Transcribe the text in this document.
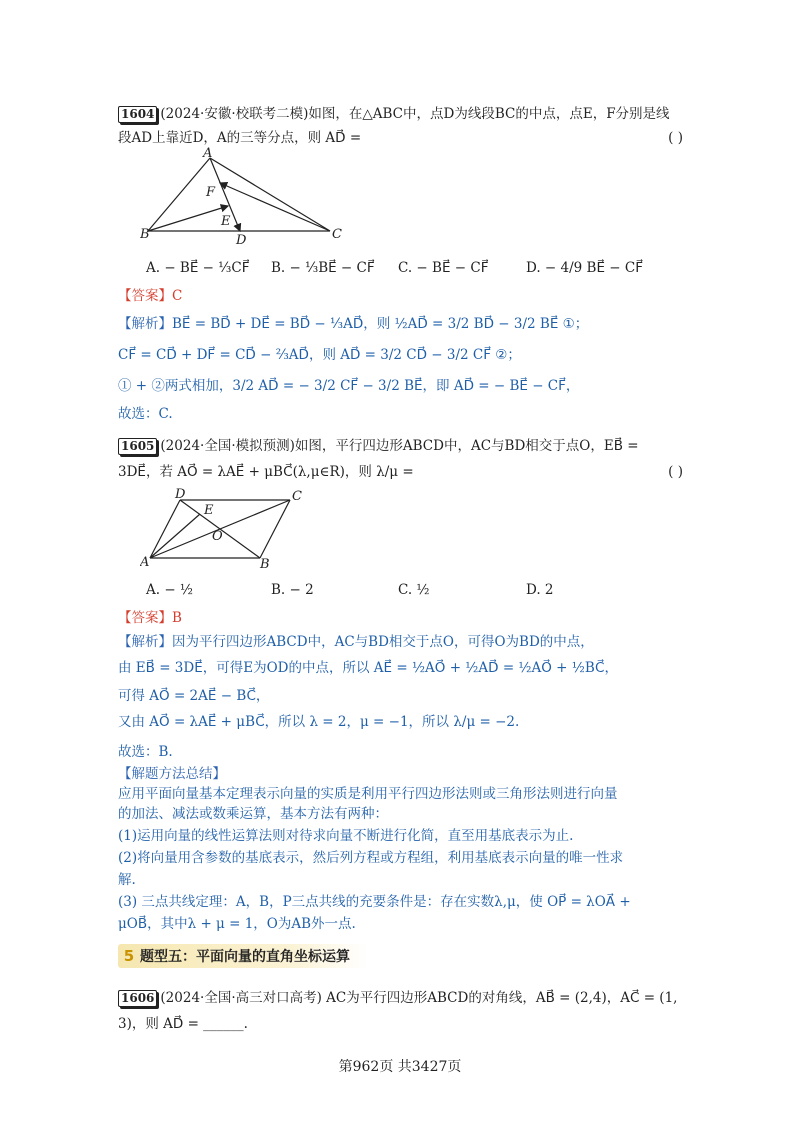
1604 (2024·安徽·校联考二模)如图，在△ABC中，点D为线段BC的中点，点E，F分别是线
段AD上靠近D，A的三等分点，则 AD⃗ =	( )
A
B	C
D
E
F
A. − BE⃗ − ⅓CF⃗ B. − ⅓BE⃗ − CF⃗ C. − BE⃗ − CF⃗	D. − 4/9 BE⃗ − CF⃗
【答案】C
【解析】BE⃗ = BD⃗ + DE⃗ = BD⃗ − ⅓AD⃗，则 ½AD⃗ = 3/2 BD⃗ − 3/2 BE⃗ ①；
CF⃗ = CD⃗ + DF⃗ = CD⃗ − ⅔AD⃗，则 AD⃗ = 3/2 CD⃗ − 3/2 CF⃗ ②；
① + ②两式相加，3/2 AD⃗ = − 3/2 CF⃗ − 3/2 BE⃗，即 AD⃗ = − BE⃗ − CF⃗，
故选：C.
1605 (2024·全国·模拟预测)如图，平行四边形ABCD中，AC与BD相交于点O，EB⃗ =
3DE⃗，若 AO⃗ = λAE⃗ + μBC⃗(λ,μ∈R)，则 λ/μ =	( )
A	B
C
D
E
O
A. − ½	B. − 2	C. ½	D. 2
【答案】B
【解析】因为平行四边形ABCD中，AC与BD相交于点O，可得O为BD的中点，
由 EB⃗ = 3DE⃗，可得E为OD的中点，所以 AE⃗ = ½AO⃗ + ½AD⃗ = ½AO⃗ + ½BC⃗，
可得 AO⃗ = 2AE⃗ − BC⃗，
又由 AO⃗ = λAE⃗ + μBC⃗，所以 λ = 2，μ = −1，所以 λ/μ = −2.
故选：B.
【解题方法总结】
应用平面向量基本定理表示向量的实质是利用平行四边形法则或三角形法则进行向量
的加法、减法或数乘运算，基本方法有两种：
(1)运用向量的线性运算法则对待求向量不断进行化简，直至用基底表示为止.
(2)将向量用含参数的基底表示，然后列方程或方程组，利用基底表示向量的唯一性求
解.
(3) 三点共线定理：A，B，P三点共线的充要条件是：存在实数λ,μ，使 OP⃗ = λOA⃗ +
μOB⃗，其中λ + μ = 1，O为AB外一点.
5 题型五：平面向量的直角坐标运算
1606 (2024·全国·高三对口高考) AC为平行四边形ABCD的对角线，AB⃗ = (2,4)，AC⃗ = (1,
3)，则 AD⃗ = ______.
第962页 共3427页
